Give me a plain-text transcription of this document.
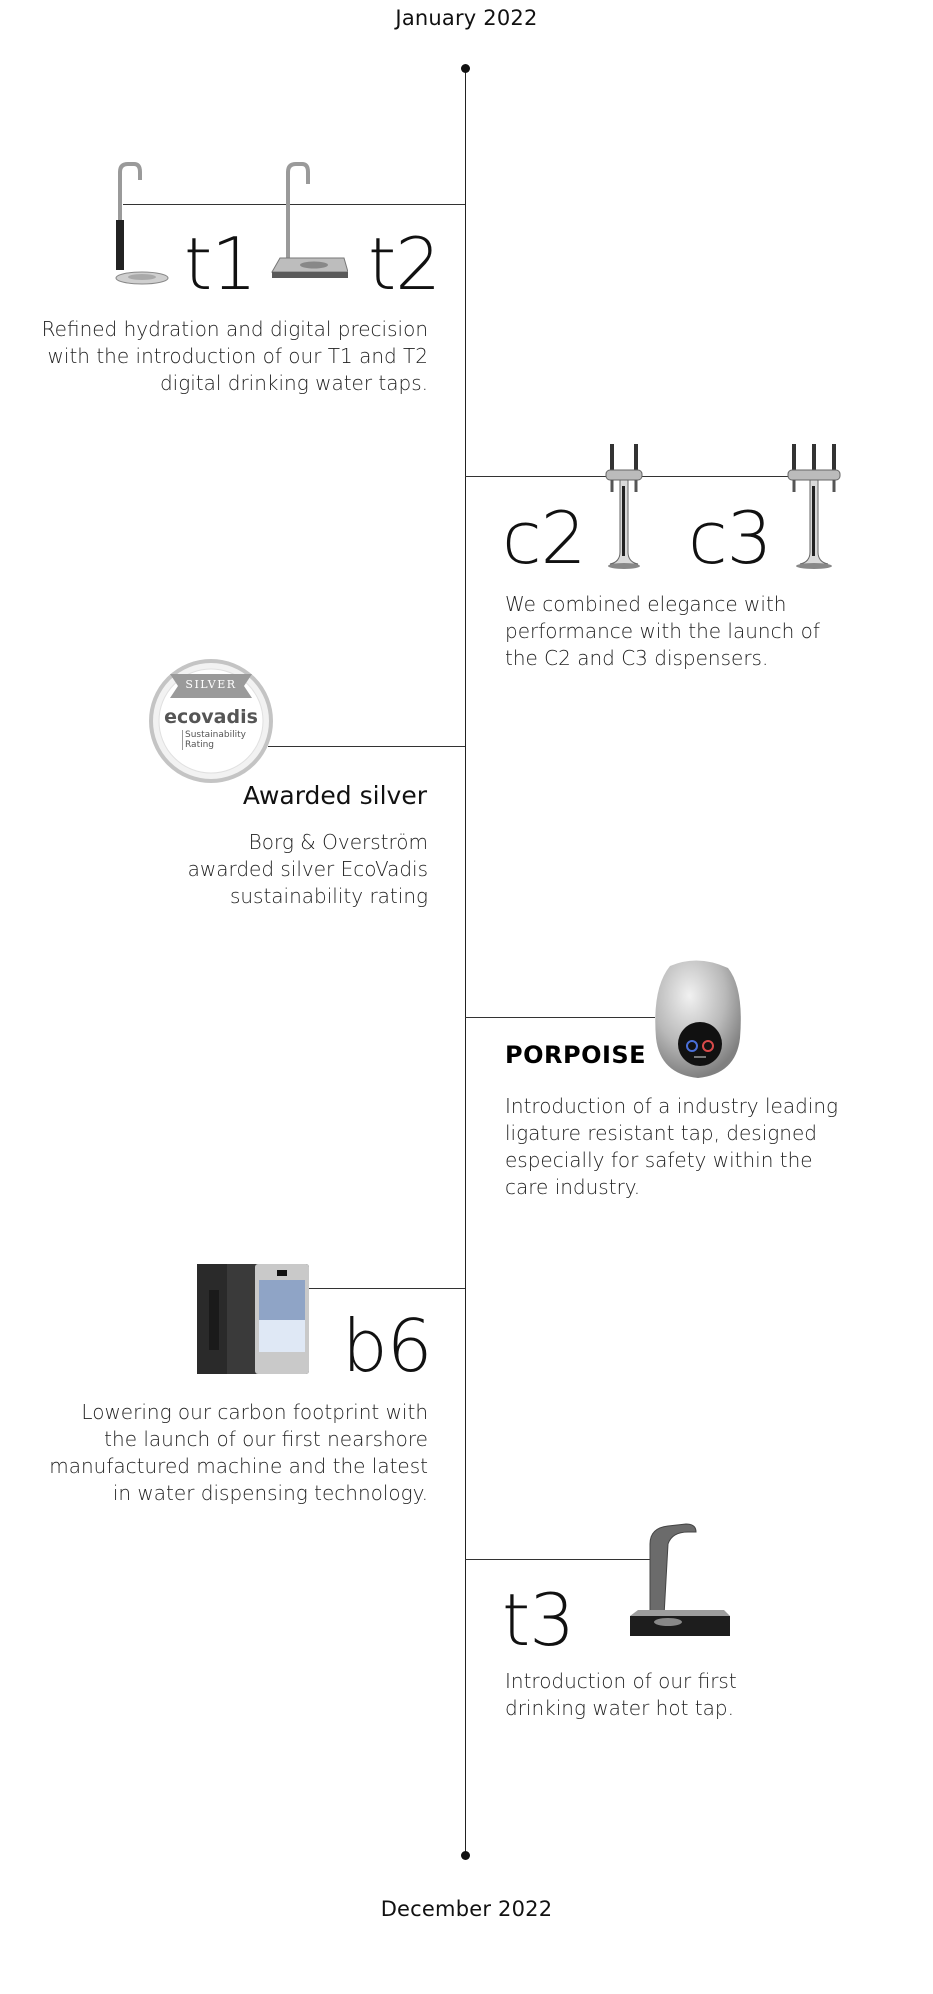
January 2022
December 2022
t1 t2
Refined hydration and digital precision
with the introduction of our T1 and T2
digital drinking water taps.
c2 c3
We combined elegance with
performance with the launch of
the C2 and C3 dispensers.
SILVER
ecovadis
Sustainability
Rating
Awarded silver
Borg & Overström
awarded silver EcoVadis
sustainability rating
PORPOISE
Introduction of a industry leading
ligature resistant tap, designed
especially for safety within the
care industry.
b6
Lowering our carbon footprint with
the launch of our first nearshore
manufactured machine and the latest
in water dispensing technology.
t3
Introduction of our first
drinking water hot tap.
